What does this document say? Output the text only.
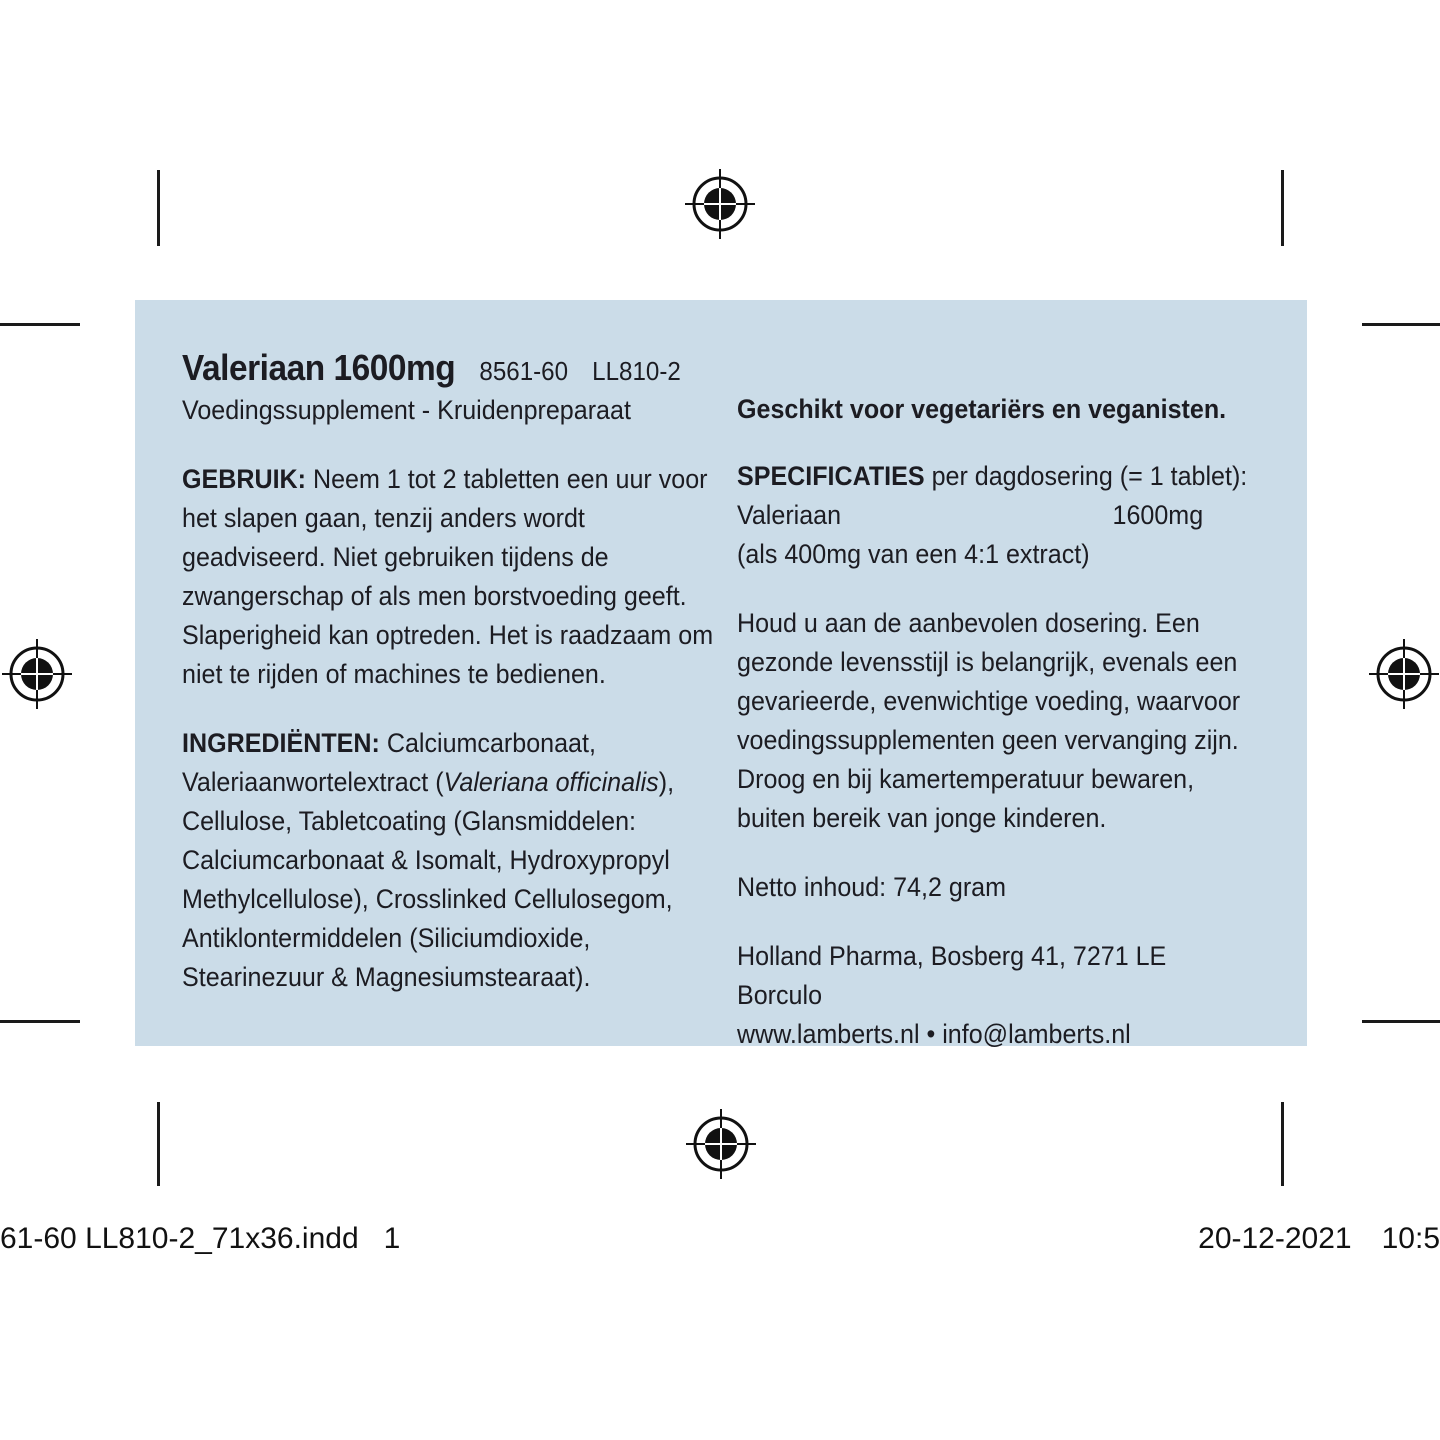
Valeriaan 1600mg 8561-60 LL810-2

Voedingssupplement - Kruidenpreparaat

GEBRUIK: Neem 1 tot 2 tabletten een uur voor het slapen gaan, tenzij anders wordt geadviseerd. Niet gebruiken tijdens de zwangerschap of als men borstvoeding geeft. Slaperigheid kan optreden. Het is raadzaam om niet te rijden of machines te bedienen.

INGREDIËNTEN: Calciumcarbonaat, Valeriaanwortelextract (Valeriana officinalis), Cellulose, Tabletcoating (Glansmiddelen: Calciumcarbonaat & Isomalt, Hydroxypropyl Methylcellulose), Crosslinked Cellulosegom, Antiklontermiddelen (Siliciumdioxide, Stearinezuur & Magnesiumstearaat).

Geschikt voor vegetariërs en veganisten.

SPECIFICATIES per dagdosering (= 1 tablet):

Valeriaan	1600mg

(als 400mg van een 4:1 extract)

Houd u aan de aanbevolen dosering. Een gezonde levensstijl is belangrijk, evenals een gevarieerde, evenwichtige voeding, waarvoor voedingssupplementen geen vervanging zijn. Droog en bij kamertemperatuur bewaren, buiten bereik van jonge kinderen.

Netto inhoud: 74,2 gram

Holland Pharma, Bosberg 41, 7271 LE Borculo

www.lamberts.nl • info@lamberts.nl

61-60 LL810-2_71x36.indd   1	20-12-2021 10:5
